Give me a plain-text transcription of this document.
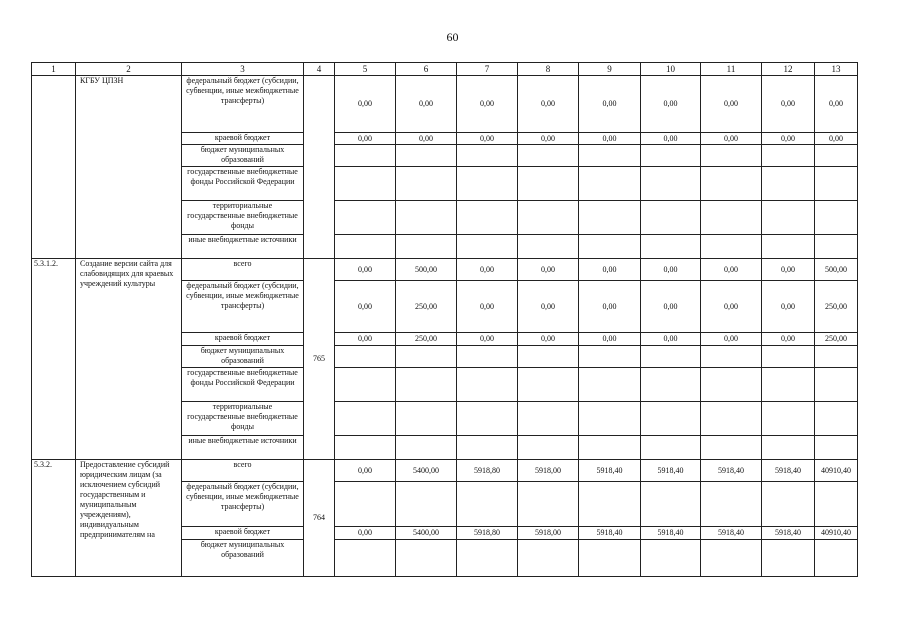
60
1	2	3	4	5	6	7	8	9	10	11	12	13
	КГБУ ЦПЗН	федеральный бюджет (субсидии, субвенции, иные межбюджетные трансферты)		0,00	0,00	0,00	0,00	0,00	0,00	0,00	0,00	0,00
		краевой бюджет		0,00	0,00	0,00	0,00	0,00	0,00	0,00	0,00	0,00
		бюджет муниципальных образований										
		государственные внебюджетные фонды Российской Федерации										
		территориальные государственные внебюджетные фонды										
		иные внебюджетные источники										
5.3.1.2.	Создание версии сайта для слабовидящих для краевых учреждений культуры	всего	765	0,00	500,00	0,00	0,00	0,00	0,00	0,00	0,00	500,00
		федеральный бюджет (субсидии, субвенции, иные межбюджетные трансферты)		0,00	250,00	0,00	0,00	0,00	0,00	0,00	0,00	250,00
		краевой бюджет		0,00	250,00	0,00	0,00	0,00	0,00	0,00	0,00	250,00
		бюджет муниципальных образований										
		государственные внебюджетные фонды Российской Федерации										
		территориальные государственные внебюджетные фонды										
		иные внебюджетные источники										
5.3.2.	Предоставление субсидий юридическим лицам (за исключением субсидий государственным и муниципальным учреждениям), индивидуальным предпринимателям на	всего	764	0,00	5400,00	5918,80	5918,00	5918,40	5918,40	5918,40	5918,40	40910,40
		федеральный бюджет (субсидии, субвенции, иные межбюджетные трансферты)										
		краевой бюджет		0,00	5400,00	5918,80	5918,00	5918,40	5918,40	5918,40	5918,40	40910,40
		бюджет муниципальных образований										
